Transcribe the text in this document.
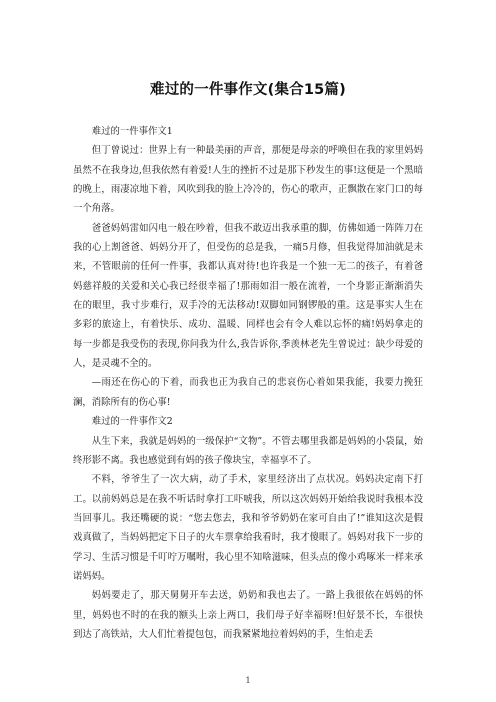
难过的一件事作文(集合15篇)

难过的一件事作文1

但丁曾说过：世界上有一种最美丽的声音，那便是母亲的呼唤但在我的家里妈妈虽然不在我身边,但我依然有着爱!人生的挫折不过是那下秒发生的事!这便是一个黑暗的晚上，雨凄凉地下着，风吹到我的脸上冷冷的，伤心的歌声，正飘散在家门口的每一个角落。

爸爸妈妈雷如闪电一般在吵着，但我不敢迈出我承重的脚，仿佛如通一阵阵刀在我的心上割爸爸、妈妈分开了，但受伤的总是我，一痛5月修，但我觉得加油就是未来，不管眼前的任何一件事，我都认真对待!也许我是一个独一无二的孩子，有着爸妈慈祥般的关爱和关心我已经很幸福了!那雨如泪一般在流着，一个身影正渐渐消失在的眼里，我寸步难行，双手冷的无法移动!双脚如同钢锣般的重。这是事实人生在多彩的旅途上，有着快乐、成功、温暖、同样也会有令人难以忘怀的痛!妈妈拿走的每一步都是我受伤的表现,你问我为什么,我告诉你,季羡林老先生曾说过：缺少母爱的人，是灵魂不全的。

—雨还在伤心的下着，而我也正为我自己的悲哀伤心着如果我能，我要力挽狂澜，消除所有的伤心事!

难过的一件事作文2

从生下来，我就是妈妈的一级保护“文物”。不管去哪里我都是妈妈的小袋鼠，始终形影不离。我也感觉到有妈的孩子像块宝，幸福享不了。

不料，爷爷生了一次大病，动了手术，家里经济出了点状况。妈妈决定南下打工。以前妈妈总是在我不听话时拿打工吓唬我，所以这次妈妈开始给我说时我根本没当回事儿。我还嘴硬的说：“您去您去，我和爷爷奶奶在家可自由了!”谁知这次是假戏真做了，当妈妈把定下日子的火车票拿给我看时，我才傻眼了。妈妈对我下一步的学习、生活习惯是千叮咛万嘱咐，我心里不知啥滋味，但头点的像小鸡啄米一样来承诺妈妈。

妈妈要走了，那天舅舅开车去送，奶奶和我也去了。一路上我很依在妈妈的怀里，妈妈也不时的在我的额头上亲上两口，我们母子好幸福呀!但好景不长，车很快到达了高铁站，大人们忙着提包包，而我紧紧地拉着妈妈的手，生怕走丢

1
